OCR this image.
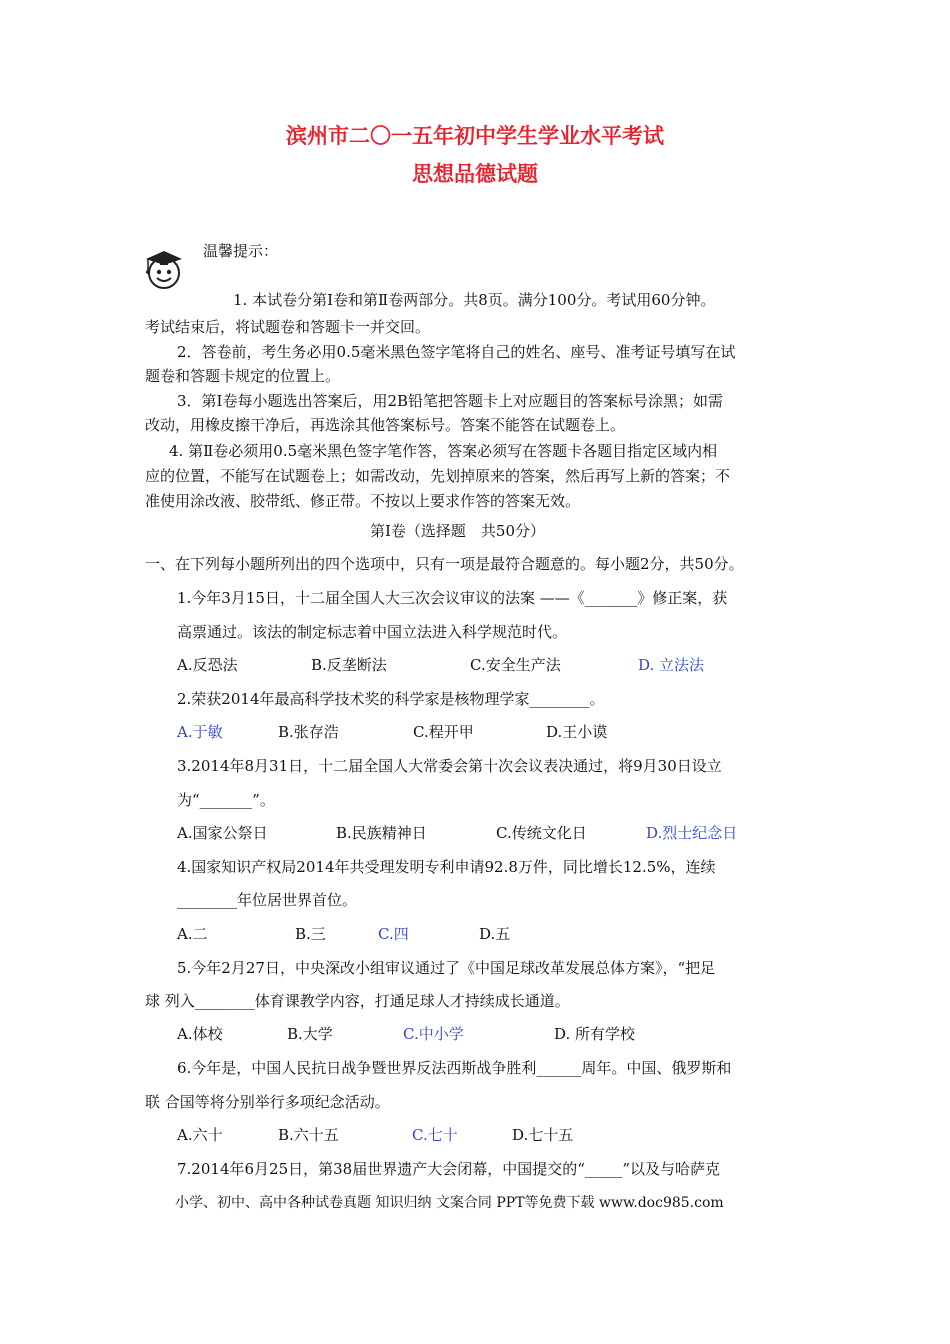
滨州市二〇一五年初中学生学业水平考试
思想品德试题
温馨提示：
1. 本试卷分第Ⅰ卷和第Ⅱ卷两部分。共8页。满分100分。考试用60分钟。
考试结束后，将试题卷和答题卡一并交回。
2．答卷前，考生务必用0.5毫米黑色签字笔将自己的姓名、座号、准考证号填写在试
题卷和答题卡规定的位置上。
3．第Ⅰ卷每小题选出答案后，用2B铅笔把答题卡上对应题目的答案标号涂黑；如需
改动，用橡皮擦干净后，再选涂其他答案标号。答案不能答在试题卷上。
4. 第Ⅱ卷必须用0.5毫米黑色签字笔作答，答案必须写在答题卡各题目指定区域内相
应的位置，不能写在试题卷上；如需改动，先划掉原来的答案，然后再写上新的答案；不
准使用涂改液、胶带纸、修正带。不按以上要求作答的答案无效。
第Ⅰ卷（选择题　共50分）
一、在下列每小题所列出的四个选项中，只有一项是最符合题意的。每小题2分，共50分。
1.今年3月15日，十二届全国人大三次会议审议的法案 ——《_______》修正案，获
高票通过。该法的制定标志着中国立法进入科学规范时代。
A.反恐法	B.反垄断法	C.安全生产法	D. 立法法
2.荣获2014年最高科学技术奖的科学家是核物理学家________。
A.于敏	B.张存浩	C.程开甲	D.王小谟
3.2014年8月31日，十二届全国人大常委会第十次会议表决通过，将9月30日设立
为“_______”。
A.国家公祭日	B.民族精神日	C.传统文化日	D.烈士纪念日
4.国家知识产权局2014年共受理发明专利申请92.8万件，同比增长12.5%，连续
________年位居世界首位。
A.二	B.三	C.四	D.五
5.今年2月27日，中央深改小组审议通过了《中国足球改革发展总体方案》，“把足
球 列入________体育课教学内容，打通足球人才持续成长通道。
A.体校	B.大学	C.中小学	D. 所有学校
6.今年是，中国人民抗日战争暨世界反法西斯战争胜利______周年。中国、俄罗斯和
联 合国等将分别举行多项纪念活动。
A.六十	B.六十五	C.七十	D.七十五
7.2014年6月25日，第38届世界遗产大会闭幕，中国提交的“_____”以及与哈萨克
小学、初中、高中各种试卷真题 知识归纳 文案合同 PPT等免费下载 www.doc985.com
